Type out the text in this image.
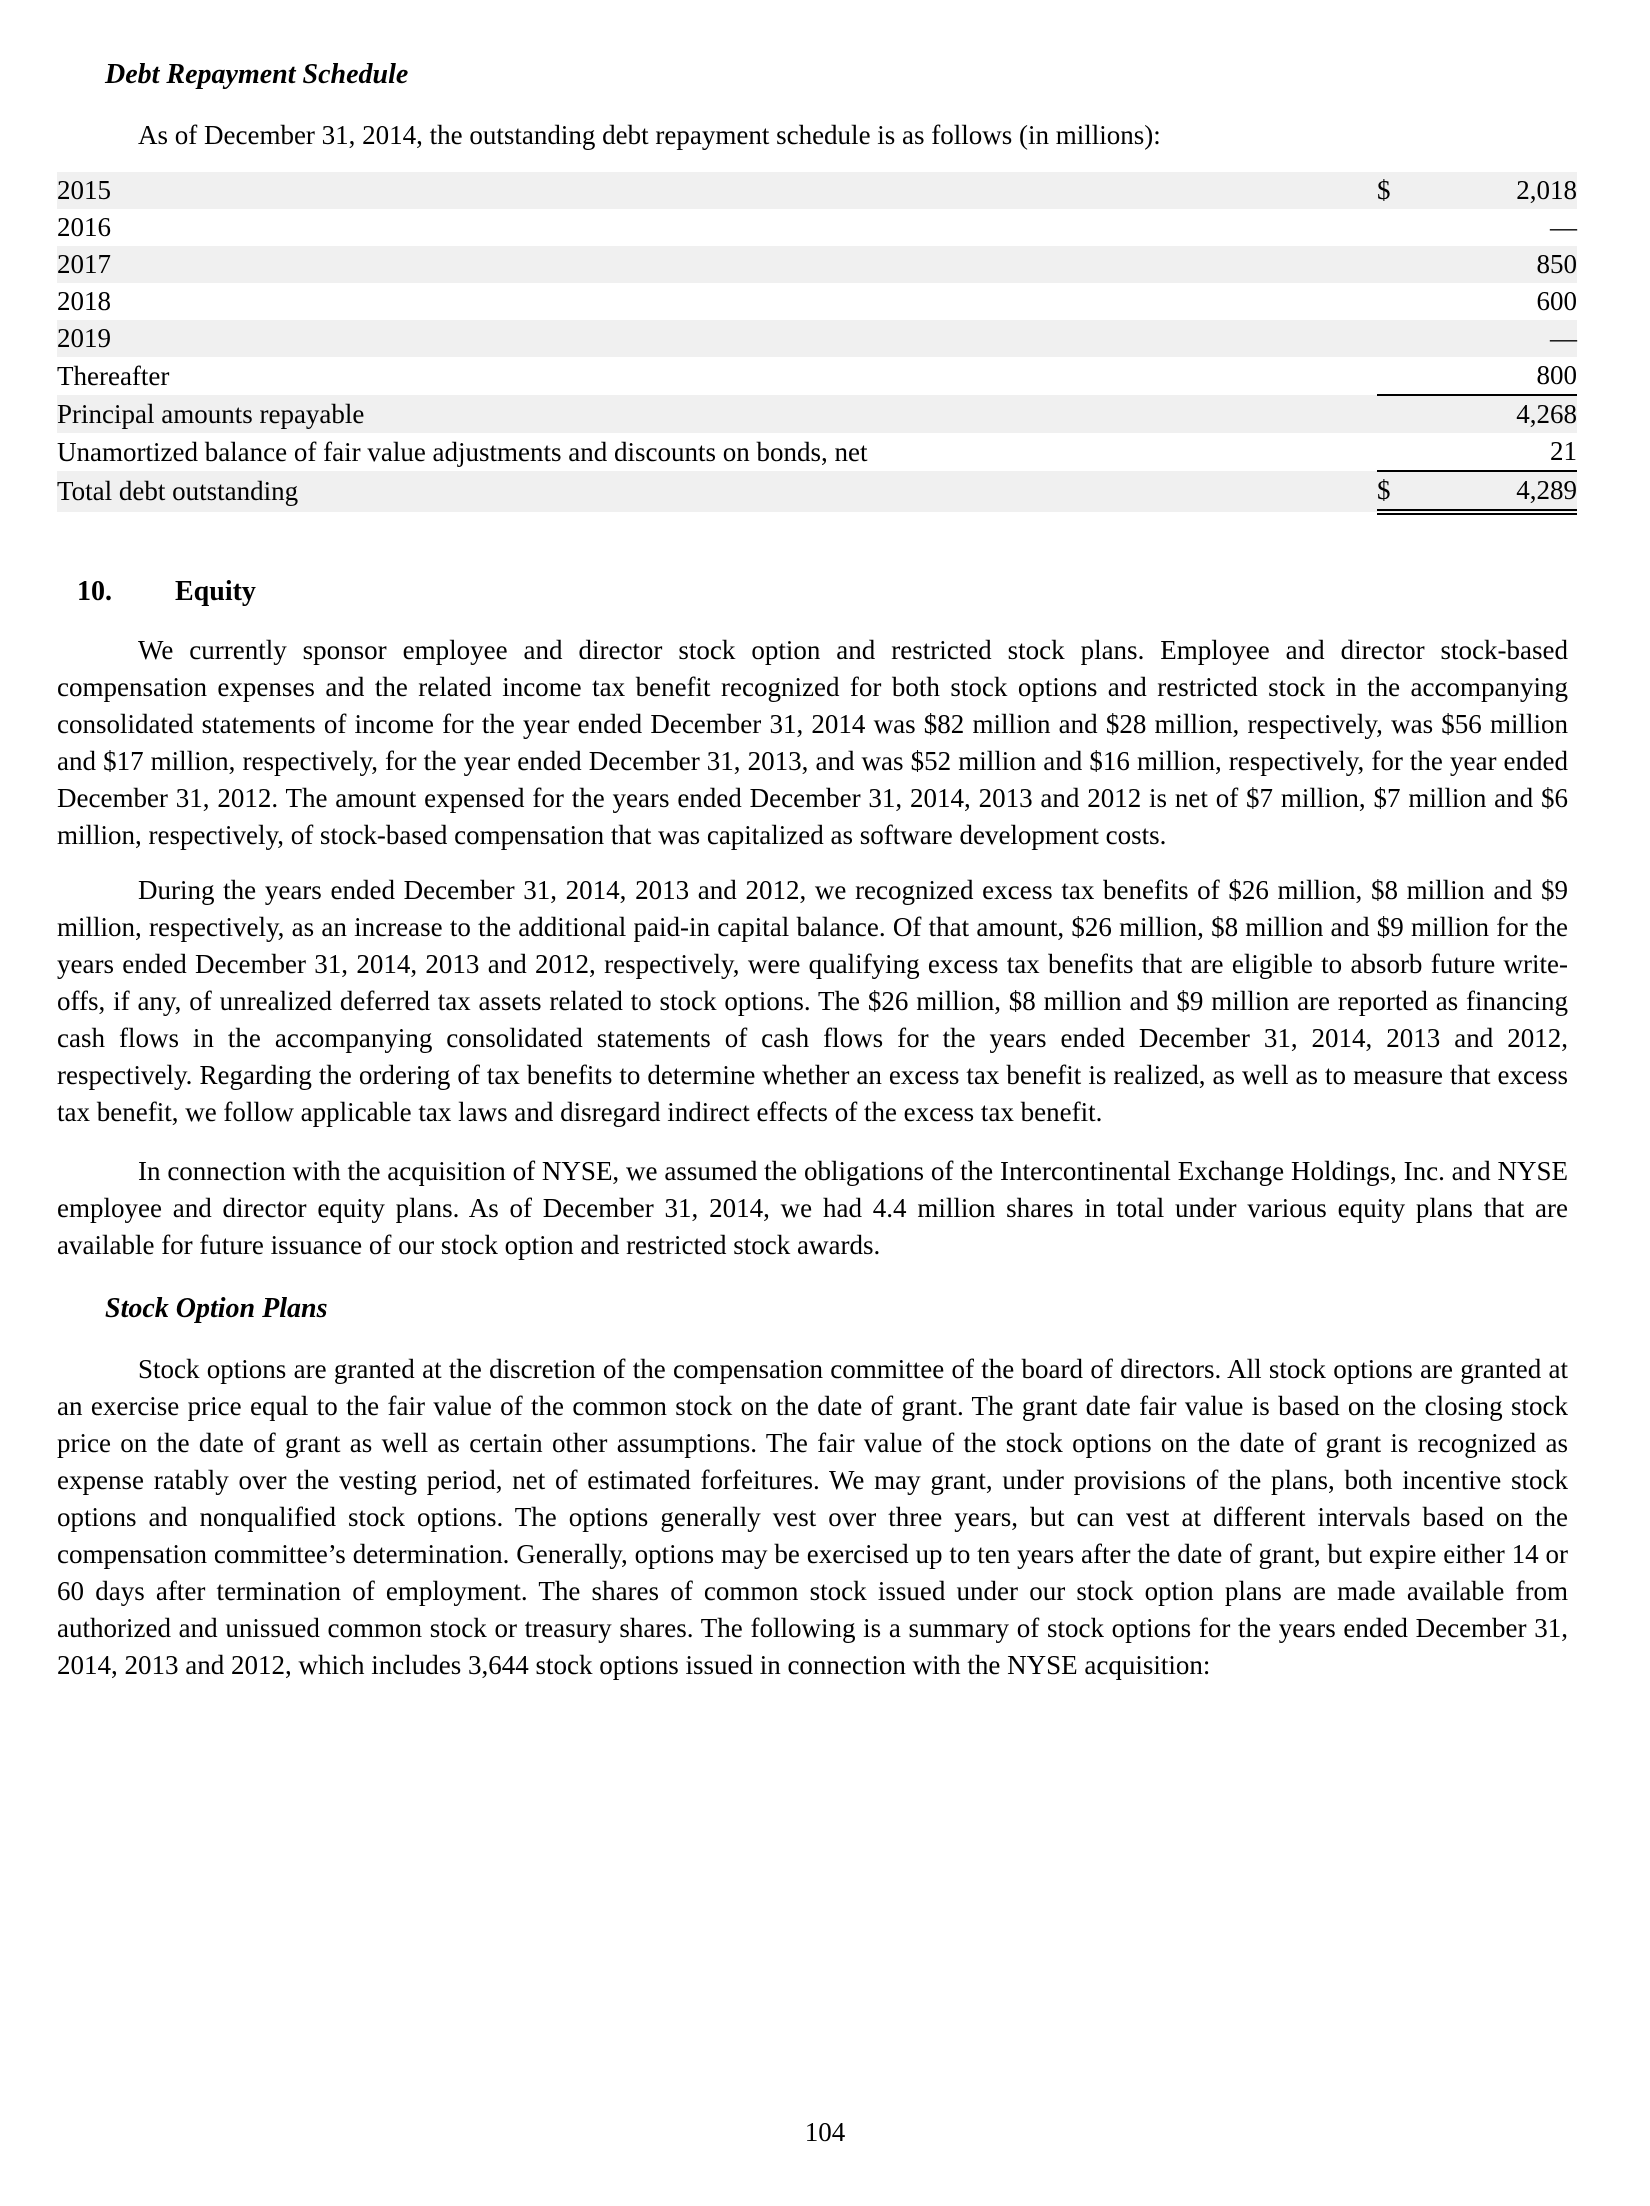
Debt Repayment Schedule

As of December 31, 2014, the outstanding debt repayment schedule is as follows (in millions):

2015	$	2,018
2016		—
2017		850
2018		600
2019		—
Thereafter		800
Principal amounts repayable		4,268
Unamortized balance of fair value adjustments and discounts on bonds, net		21
Total debt outstanding	$	4,289
10. Equity

We currently sponsor employee and director stock option and restricted stock plans. Employee and director stock-based compensation expenses and the related income tax benefit recognized for both stock options and restricted stock in the accompanying consolidated statements of income for the year ended December 31, 2014 was $82 million and $28 million, respectively, was $56 million and $17 million, respectively, for the year ended December 31, 2013, and was $52 million and $16 million, respectively, for the year ended December 31, 2012. The amount expensed for the years ended December 31, 2014, 2013 and 2012 is net of $7 million, $7 million and $6 million, respectively, of stock-based compensation that was capitalized as software development costs.

During the years ended December 31, 2014, 2013 and 2012, we recognized excess tax benefits of $26 million, $8 million and $9 million, respectively, as an increase to the additional paid-in capital balance. Of that amount, $26 million, $8 million and $9 million for the years ended December 31, 2014, 2013 and 2012, respectively, were qualifying excess tax benefits that are eligible to absorb future write-offs, if any, of unrealized deferred tax assets related to stock options. The $26 million, $8 million and $9 million are reported as financing cash flows in the accompanying consolidated statements of cash flows for the years ended December 31, 2014, 2013 and 2012, respectively. Regarding the ordering of tax benefits to determine whether an excess tax benefit is realized, as well as to measure that excess tax benefit, we follow applicable tax laws and disregard indirect effects of the excess tax benefit.

In connection with the acquisition of NYSE, we assumed the obligations of the Intercontinental Exchange Holdings, Inc. and NYSE employee and director equity plans. As of December 31, 2014, we had 4.4 million shares in total under various equity plans that are available for future issuance of our stock option and restricted stock awards.

Stock Option Plans

Stock options are granted at the discretion of the compensation committee of the board of directors. All stock options are granted at an exercise price equal to the fair value of the common stock on the date of grant. The grant date fair value is based on the closing stock price on the date of grant as well as certain other assumptions. The fair value of the stock options on the date of grant is recognized as expense ratably over the vesting period, net of estimated forfeitures. We may grant, under provisions of the plans, both incentive stock options and nonqualified stock options. The options generally vest over three years, but can vest at different intervals based on the compensation committee’s determination. Generally, options may be exercised up to ten years after the date of grant, but expire either 14 or 60 days after termination of employment. The shares of common stock issued under our stock option plans are made available from authorized and unissued common stock or treasury shares. The following is a summary of stock options for the years ended December 31, 2014, 2013 and 2012, which includes 3,644 stock options issued in connection with the NYSE acquisition:

104
